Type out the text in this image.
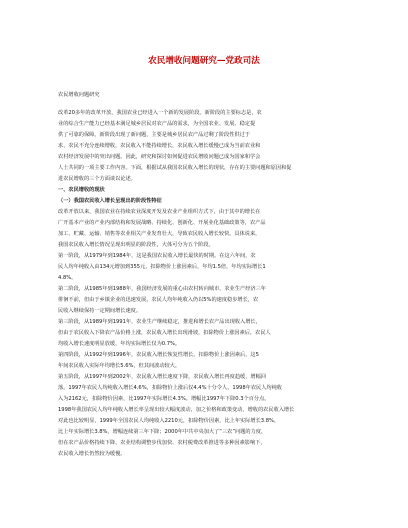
农民增收问题研究—党政司法
农民增收问题研究
改革20多年的改革开放，我国农业已经进入一个新的发展阶段。新阶段的主要标志是，农
业的综合生产能力已经基本满足城乡居民对农产品的需求，为全国农业、发展、稳定提
供了可靠的保障。新阶段出现了新问题，主要是城乡居民农产品过剩了阶段性供过于
求，农民不充分连续增收，农民收入不能持续增长，农民收入增长缓慢已成为当前农业和
农村经济发展中的突出问题。因此，研究和探讨如何促进农民增收问题已成为国家和学会
人士共同的一项主要工作内容。下面，根据试从我国农民收入增长的现状，存在的主要问题和原因和促
进农民增收的三个方面谈以论述。
一、农民增收的现状
（一）我国农民收入增长呈现出的阶段性特征
改革开放以来，我国农业在持续农业深度开发及农业产业组织方式下，由于其中的增长在
广开基本产业的产业内部结构和发展战略、持续化、创新化、开展业化基础政策等，农产品
加工、贮藏、运输、销售等农业相关产业发育壮大，导致农民收入增长较快。具体说来，
我国农民收入增长情况呈现出明显的阶段性，大体可分为五个阶段。
第一阶段，从1979年到1984年，这是我国农民收入增长最快的时期。在这六年间，农
民人均年纯收入由134元增加到355元，扣除物价上涨因素后，年均1.5倍，年均实际增长1
4.8%。
第二阶段，从1985年到1988年，我国经济发展的重心由农村转向城市，农业生产经济三年
徘徊不前，但由于乡镇企业的迅速发展，农民人均年纯收入仍以5%的速度稳步增长，农
民收入继续保持一定期间增长速度。
第三阶段，从1989年到1991年，农业生产继续稳定，推进和增长农产品出现收入增长，
但由于农民收入下降农产品价格上涨，农民收入增长出现滑坡，扣除物价上涨因素后，农民人
均收入增长速度明显放缓，年均实际增长仅为0.7%。
第四阶段，从1992年到1996年，农民收入增长恢复性增长。扣除物价上涨因素后，这5
年间农民收入实际年均增长5.6%，但其间波动较大。
第五阶段，从1997年到2002年，农民收入增长速度下降，农民收入增长再度趋缓，增幅回
落。1997年农民人均纯收入增长4.6%，扣除物价上涨后仅4.4%十分令人，1998年农民人均纯收
入为2162元，扣除物价因素，比1997年实际增长4.3%。增幅比1997年下降0.3个百分点。
1998年我国农民人均年纯收入增长率呈现出较大幅度波动，加之价格和政策变动，增收的农民收入增长
对此也比较明显，1999年全国农民人均纯收入2210元，扣除物价因素，比上年实际增长3.8%，
比上年实际增长3.8%，增幅连续第三年下降；2000年中共中央加大了“三农”问题的力度，
但在农产品价格持续下降、农业结构调整步伐加快、农村税费改革推进等多种因素影响下，
农民收入增长仍然较为缓慢。
